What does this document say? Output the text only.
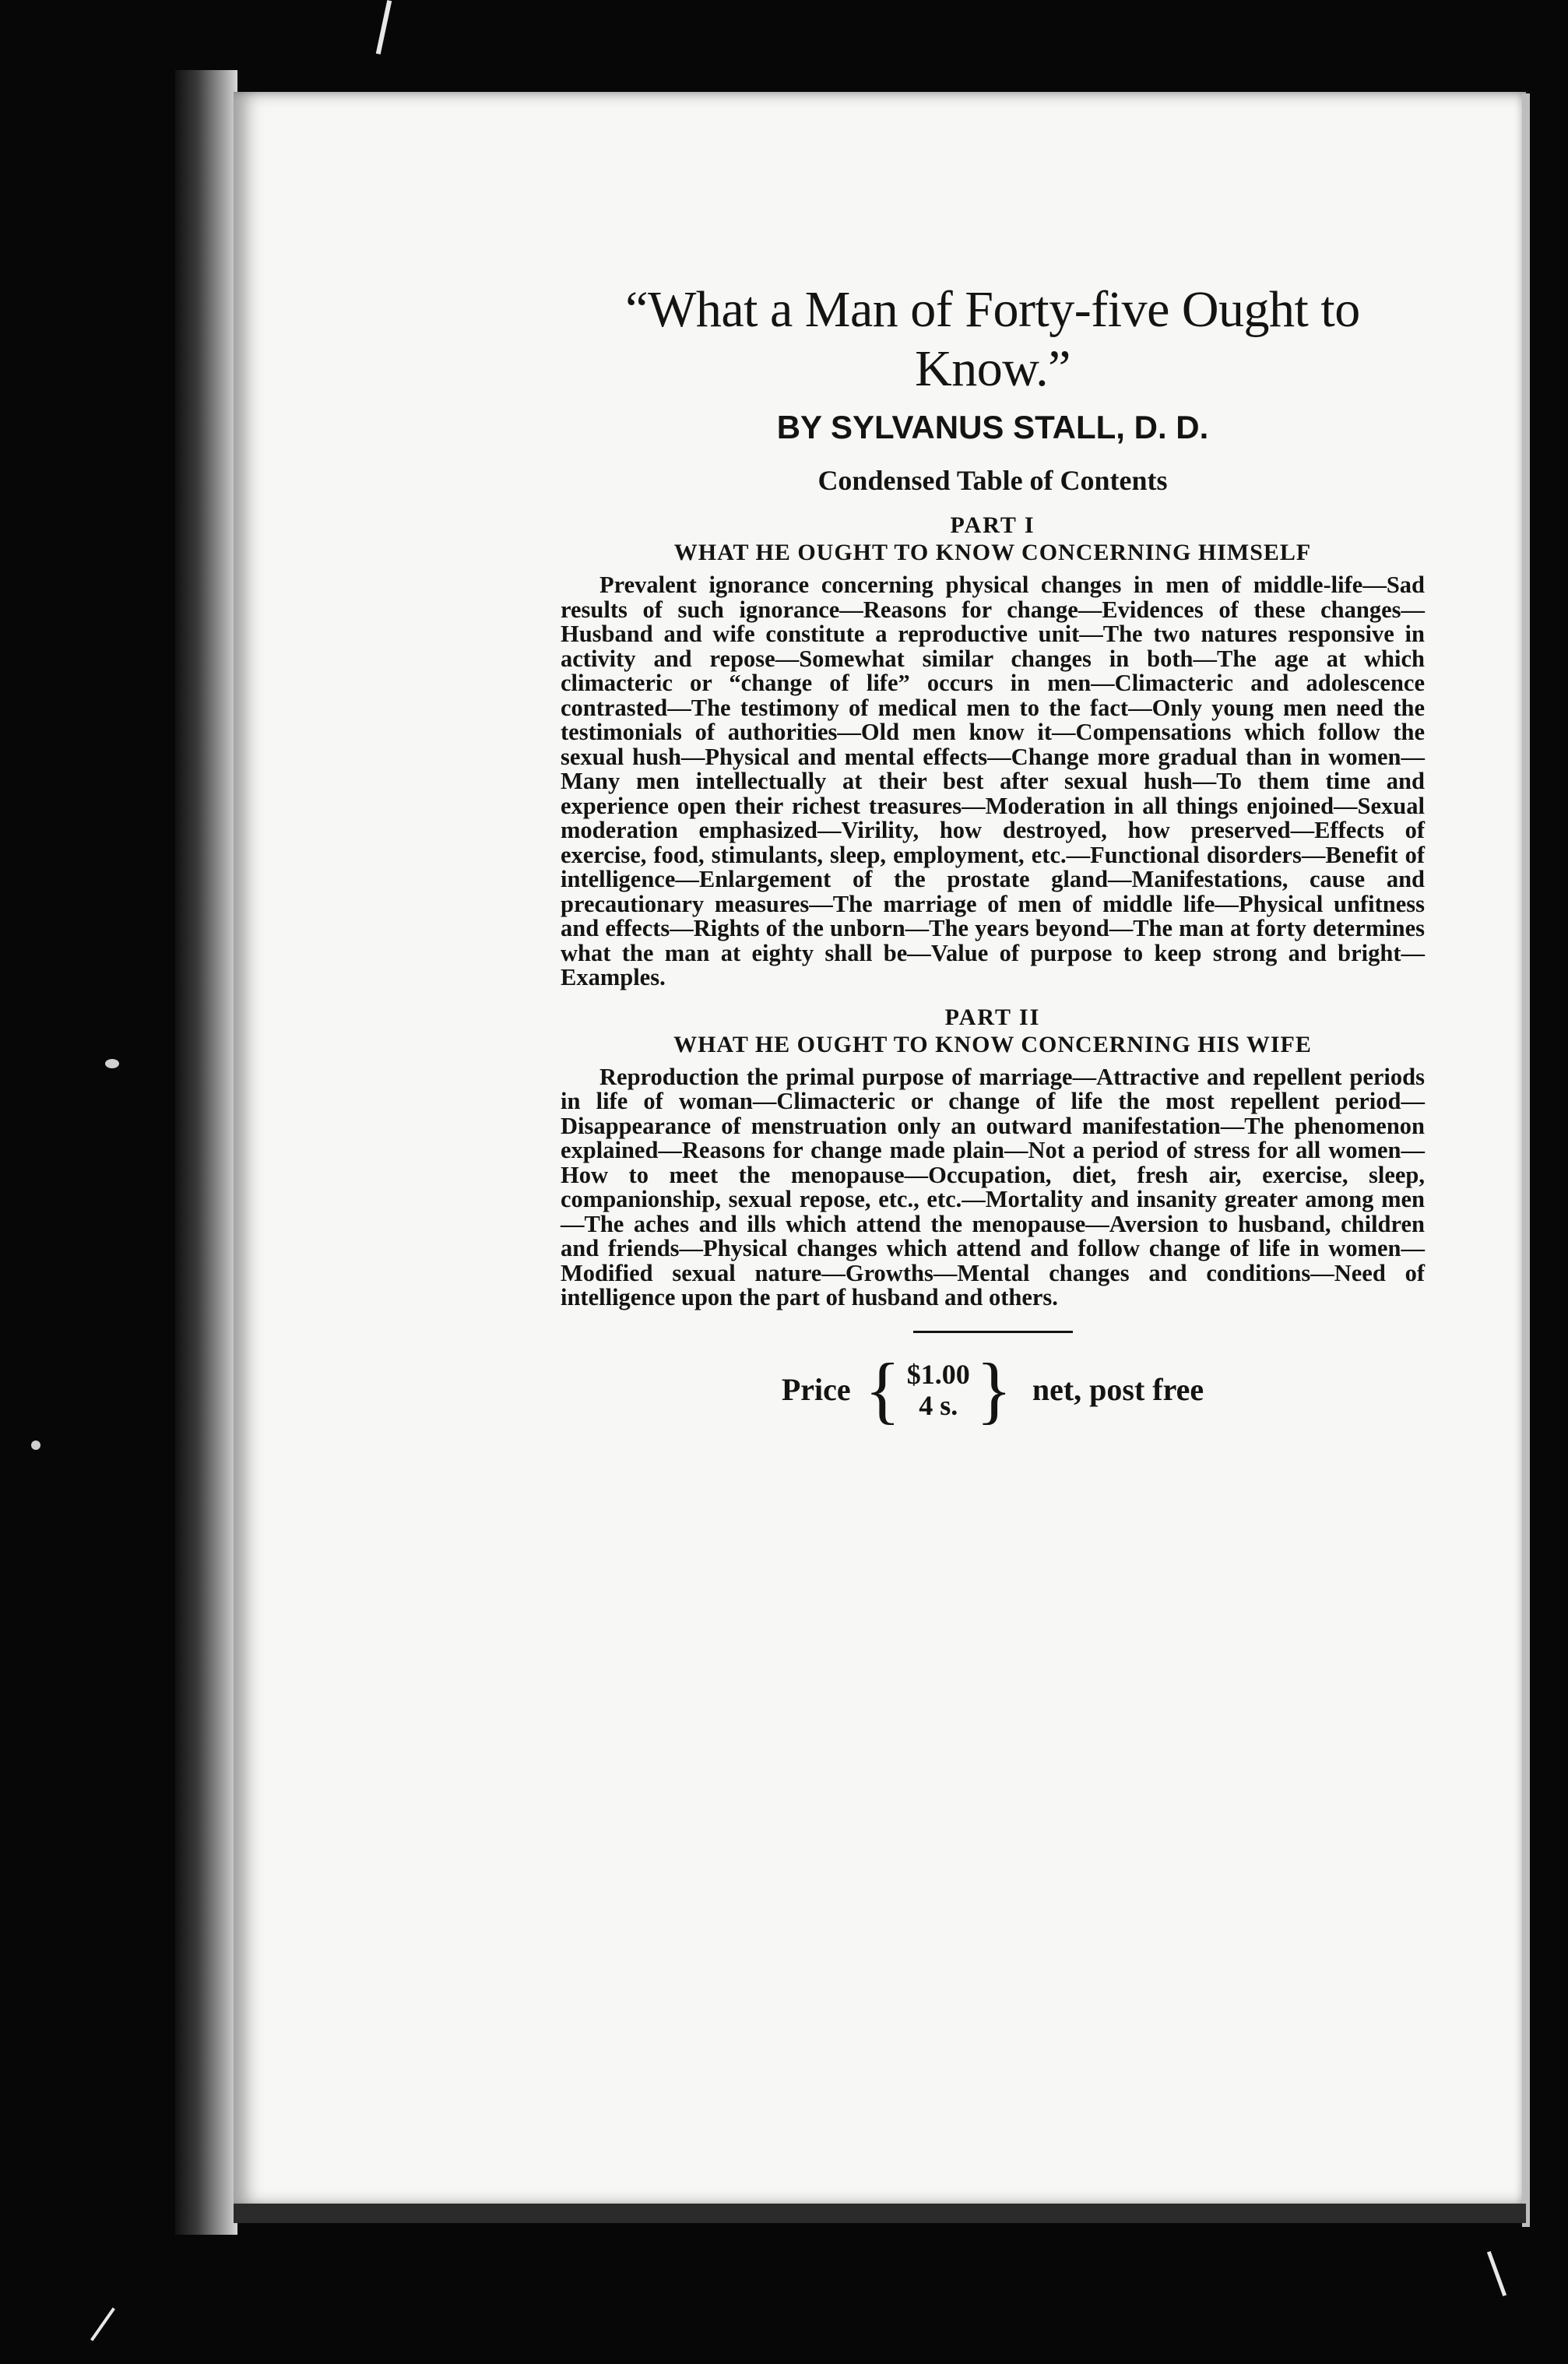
“What a Man of Forty-five Ought to Know.”
BY SYLVANUS STALL, D. D.
Condensed Table of Contents
PART I
WHAT HE OUGHT TO KNOW CONCERNING HIMSELF

Prevalent ignorance concerning physical changes in men of middle-life—Sad results of such ignorance—Reasons for change—Evidences of these changes—Husband and wife constitute a reproductive unit—The two natures responsive in activity and repose—Somewhat similar changes in both—The age at which climacteric or “change of life” occurs in men—Climacteric and adolescence contrasted—The testimony of medical men to the fact—Only young men need the testimonials of authorities—Old men know it—Compensations which follow the sexual hush—Physical and mental effects—Change more gradual than in women—Many men intellectually at their best after sexual hush—To them time and experience open their richest treasures—Moderation in all things enjoined—Sexual moderation emphasized—Virility, how destroyed, how preserved—Effects of exercise, food, stimulants, sleep, employment, etc.—Functional disorders—Benefit of intelligence—Enlargement of the prostate gland—Manifestations, cause and precautionary measures—The marriage of men of middle life—Physical unfitness and effects—Rights of the unborn—The years beyond—The man at forty determines what the man at eighty shall be—Value of purpose to keep strong and bright—Examples.

PART II
WHAT HE OUGHT TO KNOW CONCERNING HIS WIFE

Reproduction the primal purpose of marriage—Attractive and repellent periods in life of woman—Climacteric or change of life the most repellent period—Disappearance of menstruation only an outward manifestation—The phenomenon explained—Reasons for change made plain—Not a period of stress for all women—How to meet the menopause—Occupation, diet, fresh air, exercise, sleep, companionship, sexual repose, etc., etc.—Mortality and insanity greater among men—The aches and ills which attend the menopause—Aversion to husband, children and friends—Physical changes which attend and follow change of life in women—Modified sexual nature—Growths—Mental changes and conditions—Need of intelligence upon the part of husband and others.

Price { $1.00
4 s. } net, post free
